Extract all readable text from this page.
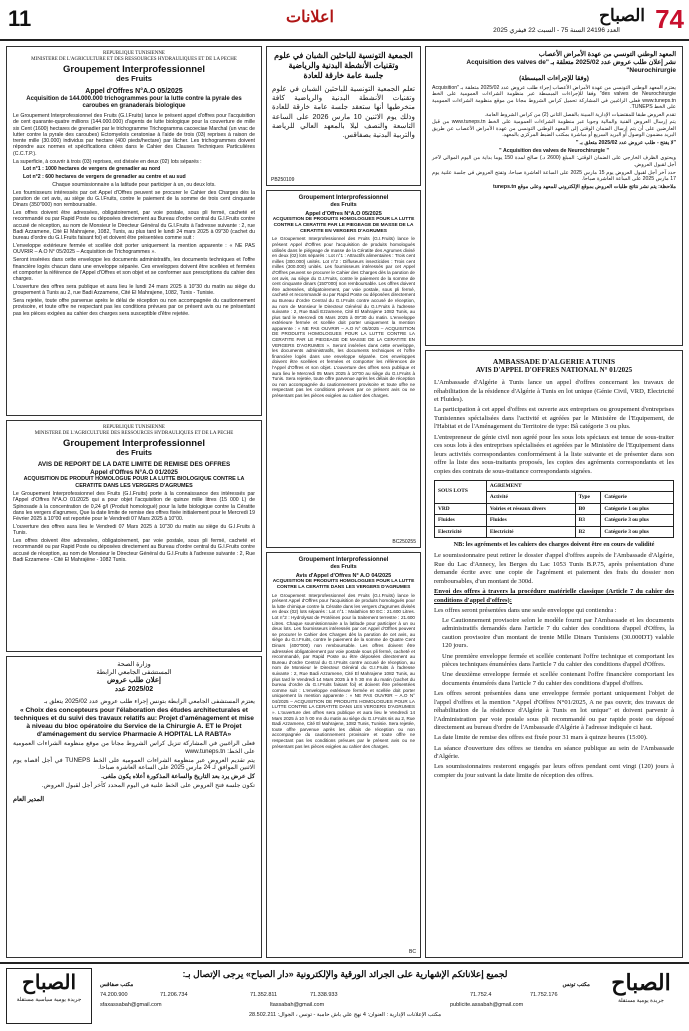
11	اعلانات
العدد 24196 السنة 75 - السبت 22 فيفري 2025	74
الصباح
REPUBLIQUE TUNISIENNE
MINISTERE DE L'AGRICULTURE ET DES RESSOURCES HYDRAULIQUES ET DE LA PECHE
Groupement Interprofessionnel
des Fruits
Appel d'Offres N°A.O 05/2025
Acquisition de 144.000.000 trichogrammes pour la lutte contre la pyrale des caroubes en granaderais biologique

Le Groupement Interprofessionnel des Fruits (G.I.Fruits) lance le présent appel d'offres pour l'acquisition de cent quarante-quatre millions (144.000.000) d'agents de lutte biologique pour la couverture de mille six Cent (1600) hectares de grenadier par le trichogramme Trichogramma cacoeciae Marchal (un vrac de lutter contre la pyrale des caroubes) Ectomyelois ceratoniae à l'aide de trois (03) reprises à raison de trente mille (30.000) individus par hectare (400 pieds/hectare) par lâcher. Les trichogrammes doivent répondre aux normes et spécifications citées dans le Cahier des Clauses Techniques Particulières (C.C.T.P.).

La superficie, à couvrir à trois (03) reprises, est divisée en deux (02) lots séparés :

Lot n°1 : 1000 hectares de vergers de grenadier au nord

Lot n°2 : 600 hectares de vergers de grenadier au centre et au sud

Chaque soumissionnaire a la latitude pour participer à un, ou deux lots.

Les fournisseurs intéressés par cet Appel d'Offres peuvent se procurer le Cahier des Charges dès la parution de cet avis, au siège du G.I.Fruits, contre le paiement de la somme de trois cent cinquante Dinars (350"000) non remboursable.

Les offres doivent être adressées, obligatoirement, par voie postale, sous pli fermé, cacheté et recommandé ou par Rapid Poste ou déposées directement au Bureau d'ordre central du G.I.Fruits contre accusé de réception, au nom de Monsieur le Directeur Général du G.I.Fruits à l'adresse suivante : 2, rue Badi Azzamene, Cité El Mahrajene, 1082, Tunis, au plus tard le lundi 24 mars 2025 à 09"30 (cachet du bureau d'ordre du G.I.Fruits faisant foi) et doivent être présentées comme suit :

L'enveloppe extérieure fermée et scellée doit porter uniquement la mention apparente : « NE PAS OUVRIR – A.O N° 05/2025 – Acquisition de Trichogrammes ».

Seront insérées dans cette enveloppe les documents administratifs, les documents techniques et l'offre financière logés chacun dans une enveloppe séparée. Ces enveloppes doivent être scellées et fermées et comporter la référence de l'Appel d'Offres et son objet et se conformer aux prescriptions du cahier des charges.

L'ouverture des offres sera publique et aura lieu le lundi 24 mars 2025 à 10"30 du matin au siège du groupement à Tunis au 2, rue Badi Azzamene, Cité El Mahrajene, 1082, Tunis - Tunisie.

Sera rejetée, toute offre parvenue après le délai de réception ou non accompagnée du cautionnement provisoire, et toute offre ne respectant pas les conditions prévues par ce présent avis ou ne présentant pas les pièces exigées au cahier des charges sera susceptible d'être rejetée.

REPUBLIQUE TUNISIENNE
MINISTERE DE L'AGRICULTURE DES RESSOURCES HYDRAULIQUES ET DE LA PECHE
Groupement Interprofessionnel
des Fruits
AVIS DE REPORT DE LA DATE LIMITE DE REMISE DES OFFRES
Appel d'Offres N°A.O 01/2025
ACQUISITION DE PRODUIT HOMOLOGUE POUR LA LUTTE BIOLOGIQUE CONTRE LA CERATITE DANS LES VERGERS D'AGRUMES

Le Groupement Interprofessionnel des Fruits (G.I.Fruits) porte à la connaissance des intéressés par l'Appel d'Offres N°A.O 01/2025 qui a pour objet l'acquisition de quinze mille litres (15 000 L) de Spinosade à la concentration de 0,24 g/l (Produit homologué) pour la lutte biologique contre la Cératite dans les vergers d'agrumes, Que la date limite de remise des offres fixée initialement pour le Mercredi 19 Février 2025 à 10"00 est reportée pour le Vendredi 07 Mars 2025 à 10"00.

L'ouverture des offres aura lieu le Vendredi 07 Mars 2025 à 10"30 du matin au siège du G.I.Fruits à Tunis.

Les offres doivent être adressées, obligatoirement, par voie postale, sous pli fermé, cacheté et recommandé ou par Rapid Poste ou déposées directement au Bureau d'ordre central du G.I.Fruits contre accusé de réception, au nom de Monsieur le Directeur Général du G.I.Fruits à l'adresse suivante : 2, Rue Badi Ezzamene - Cité El Mahrajène - 1082 Tunis.

وزارة الصحة
المستشفى الجامعي الرابطة
إعلان طلب عروض
2025/02 عدد

يعتزم المستشفى الجامعي الرابطة بتونس إجراء طلب عروض عدد 2025/02 يتعلق بـ

« Choix des concepteurs pour l'élaboration des études architecturales et techniques et du suivi des travaux relatifs au: Projet d'aménagement et mise à niveau du bloc opératoire du Service de la Chirurgie A. ET le Projet d'aménagement du service Pharmacie A HOPITAL LA RABTA»

فعلى الراغبين في المشاركة تنزيل كراس الشروط مجانا من موقع منظومة الشراءات العمومية على الخط: www.tuneps.tn

يتم تقديم العروض عبر منظومة الشراءات العمومية على الخط TUNEPS في أجل أقصاه يوم الاثنين الموافق لـ 24 مارس 2025 على الساعة العاشرة صباحا.

كل عرض يرد بعد التاريخ والساعة المذكورة أعلاه يكون ملغى.

تكون جلسة فتح العروض على الخط علنية في اليوم المحدد كآخر أجل لقبول العروض.

المدير العام
الجمعية التونسية للباحثين الشبان في علوم وتقنيات الأنشطة البدنية والرياضية
جلسة عامة خارقة للعادة
تعلم الجمعية التونسية للباحثين الشبان في علوم وتقنيات الأنشطة البدنية والرياضية كافة منخرطيها أنها ستعقد جلسة عامة خارقة للعادة وذلك يوم الاثنين 10 مارس 2026 على الساعة التاسعة والنصف ليلا بالمعهد العالي للرياضة والتربية البدنية بصفاقس.
PB250109
Groupement Interprofessionnel
des Fruits
Appel d'Offres N°A.O 05/2025
ACQUISITION DE PRODUITS HOMOLOGUES POUR LA LUTTE CONTRE LA CERATITE PAR LE PIEGEAGE DE MASSE DE LA CERATITE EN VERGERS D'AGRUMES
Le Groupement Interprofessionnel des Fruits (G.I.Fruits) lance le présent Appel d'Offres pour l'acquisition de produits homologués utilisés dans le piégeage de masse de la Cératite des Agrumes divisé en deux (02) lots séparés : Lot n°1 : Attractifs alimentaires : Trois cent milles (300.000) unités. Lot n°2 : Diffuseurs insecticides : Trois cent milles (300.000) unités. Les fournisseurs intéressés par cet Appel d'Offres peuvent se procurer le Cahier des Charges dès la parution de cet avis, au siège du G.I.Fruits, contre le paiement de la somme de cent cinquante dinars (150"000) non remboursable. Les offres doivent être adressées, obligatoirement, par voie postale, sous pli fermé, cacheté et recommandé ou par Rapid Poste ou déposées directement au Bureau d'ordre Central du G.I.Fruits contre accusé de réception, au nom de Monsieur le Directeur Général du G.I.Fruits à l'adresse suivante : 2, Rue Badi Ezzamene, Cité El Mahrajene 1082 Tunis, au plus tard le Mercredi 05 Mars 2025 à 09"30 du matin. L'enveloppe extérieure fermée et scellée doit porter uniquement la mention apparente : « NE PAS OUVRIR – A.O N° 05/2025 – ACQUISITION DE PRODUITS HOMOLOGUES POUR LA LUTTE CONTRE LA CERATITE PAR LE PIEGEAGE DE MASSE DE LA CERATITE EN VERGERS D'AGRUMES ». Seront insérées dans cette enveloppe, les documents administratifs, les documents techniques et l'offre financière logés dans une enveloppe séparée. Ces enveloppes doivent être scellées et fermées et comporter les références de l'Appel d'Offres et son objet. L'ouverture des offres sera publique et aura lieu le Mercredi 05 Mars 2025 à 10"00 au siège du G.I.Fruits à Tunis. Sera rejetée, toute offre parvenue après les délais de réception ou non accompagnée du cautionnement provisoire et toute offre ne respectant pas les conditions prévues par ce présent avis ou ne présentant pas les pièces exigées au cahier des charges.
BC250255
Groupement Interprofessionnel
des Fruits
Avis d'Appel d'Offres N° A.O 04/2025
ACQUISITION DE PRODUITS HOMOLOGUES POUR LA LUTTE CONTRE LA CERATITE DANS LES VERGERS D'AGRUMES
Le Groupement Interprofessionnel des Fruits (G.I.Fruits) lance le présent Appel d'Offres pour l'acquisition de produits homologués pour la lutte chimique contre la Cératite dans les vergers d'agrumes divisés en deux (02) lots séparés : Lot n°1 : Malathion 50 EC : 21.600 Litres. Lot n°2 : Hydrolysat de Protéines pour la traitement terrestre : 21.600 Litres. Chaque soumissionnaire a la latitude pour participer à un ou deux lots. Les fournisseurs intéressés par cet Appel d'Offres peuvent se procurer le Cahier des Charges dès la parution de cet avis, au siège du G.I.Fruits, contre le paiement de la somme de Quatre Cent Dinars (400"000) non remboursable. Les offres doivent être adressées obligatoirement par voie postale sous pli fermé, cacheté et recommandé, par Rapid Poste ou être déposées directement au Bureau d'ordre Central du G.I.Fruits contre accusé de réception, au nom de Monsieur le Directeur Général du G.I.Fruits à l'adresse suivante : 2, Rue Badi Azzamene, Cité El Mahrajene 1082 Tunis, au plus tard le Vendredi 14 Mars 2025 à 9 h 30 mn du matin (cachet du bureau d'ordre du G.I.Fruits faisant foi) et doivent être présentées comme suit : L'enveloppe extérieure fermée et scellée doit porter uniquement la mention apparente : « NE PAS OUVRIR – A.O N° 04/2025 – ACQUISITION DE PRODUITS HOMOLOGUES POUR LA LUTTE CONTRE LA CERATITE DANS LES VERGERS D'AGRUMES ». L'ouverture des offres sera publique et aura lieu le Vendredi 14 Mars 2025 à 10 h 00 mn du matin au siège du G.I.Fruits sis au 2, Rue Badi Azzamene, Cité El Mahrajene, 1082 Tunis, Tunisie. Sera rejetée, toute offre parvenue après les délais de réception ou non accompagnée du cautionnement provisoire et toute offre ne respectant pas les conditions prévues par le présent avis ou ne présentant pas les pièces exigées au cahier des charges.
BC
المعهد الوطني التونسي من عهدة الأمراض الأعصاب
نشر إعلان طلب عروض عدد 2025/02 متعلقة بـ "Acquisition des valves de Neurochirurgie"
(وفقا للإجراءات المبسطة)

يعتزم المعهد الوطني التونسي من عهدة الأمراض الأعصاب إجراء طلب عروض عدد 2025/02 متعلقة بـ "Acquisition des valves de Neurochirurgie" وفقا للإجراءات المبسطة عبر منظومة الشراءات العمومية على الخط www.tuneps.tn فعلى الراغبين في المشاركة تحميل كراس الشروط مجانا من موقع منظومة الشراءات العمومية على الخط TUNEPS.

تقدم العروض طبقا للمقتضيات الإدارية المبينة بالفصل الثاني (2) من كراس الشروط العامة.

يتم إرسال العروض الفنية والمالية وجوبا عبر منظومة الشراءات العمومية على الخط www.tuneps.tn من قبل العارضين على أن يتم إرسال الضمان الوقتي إلى المعهد الوطني التونسي من عهدة الأمراض الأعصاب عن طريق البريد مضمون الوصول أو البريد السريع أو مباشرة بمكتب الضبط المركزي بالمعهد.

"لا يفتح - طلب عروض عدد 2025/02 متعلق بـ "

" Acquisition des valves de Neurochirurgie "

ويحتوي الظرف الخارجي على الضمان الوقتي: المبلغ (2600 د.) صالح لمدة 150 يوما بداية من اليوم الموالي لآخر أجل لقبول العروض.

حدد آخر أجل لقبول العروض يوم 15 مارس 2025 على الساعة العاشرة صباحا، وتفتح العروض في جلسة علنية يوم 17 مارس 2025 على الساعة العاشرة صباحا.

ملاحظة: يتم نشر نتائج طلبات العروض بموقع الإلكتروني للمعهد وعلى موقع tuneps.tn

AMBASSADE D'ALGERIE A TUNIS
AVIS D'APPEL D'OFFRES NATIONAL N° 01/2025

L'Ambassade d'Algérie à Tunis lance un appel d'offres concernant les travaux de réhabilitation de la résidence d'Algérie à Tunis en lot unique (Génie Civil, VRD, Electricité et Fluides).

La participation à cet appel d'offres est ouverte aux entreprises ou groupement d'entreprises Tunisiennes spécialisées dans l'activité et agréées par le Ministère de l'Equipement, de l'Habitat et de l'Aménagement du Territoire de type: Bâ catégorie 3 ou plus.

L'entrepreneur de génie civil non agréé pour les sous lots spéciaux est tenue de sous-traiter ces sous lots à des entreprises spécialisées et agréées par le Ministère de l'Equipement dans leurs activités correspondantes conformément à la liste suivante et de présenter dans son offre la liste des sous-traitants proposés, les copies des agréments correspondants et les copies des contrats de sous-traitance correspondants signées.

SOUS LOTS	AGREMENT		
	Activité	Type	Catégorie
VRD	Voiries et réseaux divers	B0	Catégorie 1 ou plus
Fluides	Fluides	B3	Catégorie 3 ou plus
Electricité	Electricité	B2	Catégorie 3 ou plus
NB: les agréments et les cahiers des charges doivent être en cours de validité

Le soumissionnaire peut retirer le dossier d'appel d'offres auprès de l'Ambassade d'Algérie, Rue du Lac d'Annecy, les Berges du Lac 1053 Tunis B.P.75, après présentation d'une demande écrite avec une copie de l'agrément et paiement des frais du dossier non remboursables, d'un montant de 300d.

Envoi des offres à travers la procédure matérielle classique (Article 7 du cahier des conditions d'appel d'offres):

Les offres seront présentées dans une seule enveloppe qui contiendra :

Le Cautionnement provisoire selon le modèle fourni par l'Ambassade et les documents administratifs demandés dans l'article 7 du cahier des conditions d'appel d'Offres, la caution provisoire d'un montant de trente Mille Dinars Tunisiens (30.000DT) valable 120 jours.

Une première enveloppe fermée et scellée contenant l'offre technique et comportant les pièces techniques énumérées dans l'article 7 du cahier des conditions d'appel d'Offres.

Une deuxième enveloppe fermée et scellée contenant l'offre financière comportant les documents énumérés dans l'article 7 du cahier des conditions d'appel d'offres.

Les offres seront présentées dans une enveloppe fermée portant uniquement l'objet de l'appel d'offres et la mention "Appel d'Offres N°01/2025, A ne pas ouvrir, des travaux de réhabilitation de la résidence d'Algérie à Tunis en lot unique" et doivent parvenir à l'Administration par voie postale sous pli recommandé ou par rapide poste ou déposé directement au bureau d'ordre de l'Ambassade d'Algérie à l'adresse indiquée ci haut.

La date limite de remise des offres est fixée pour 31 mars à quinze heures (15:00).

La séance d'ouverture des offres se tiendra en séance publique au sein de l'Ambassade d'Algérie.

Les soumissionnaires resteront engagés par leurs offres pendant cent vingt (120) jours à compter du jour suivant la date limite de réception des offres.

الصباح
جريدة يومية سياسية مستقلة
لجميع إعلاناتكم الإشهارية على الجرائد الورقية والإلكترونية «دار الصباح» يرجى الإتصال بـ:
مكتب تونس
مكتب صفاقس
71.752.4	71.752.176
71.338.933
71.352.811
71.206.734
74.200.900
publicite.assabah@gmail.com
ltassabah@gmail.com
sfaxassabah@gmail.com
مكتب الإعلانات الإدارية : العنوان: 4 نهج علي باش حامبة - تونس ، الجوال: 28.502.211
الصباح
جريدة يومية مستقلة
